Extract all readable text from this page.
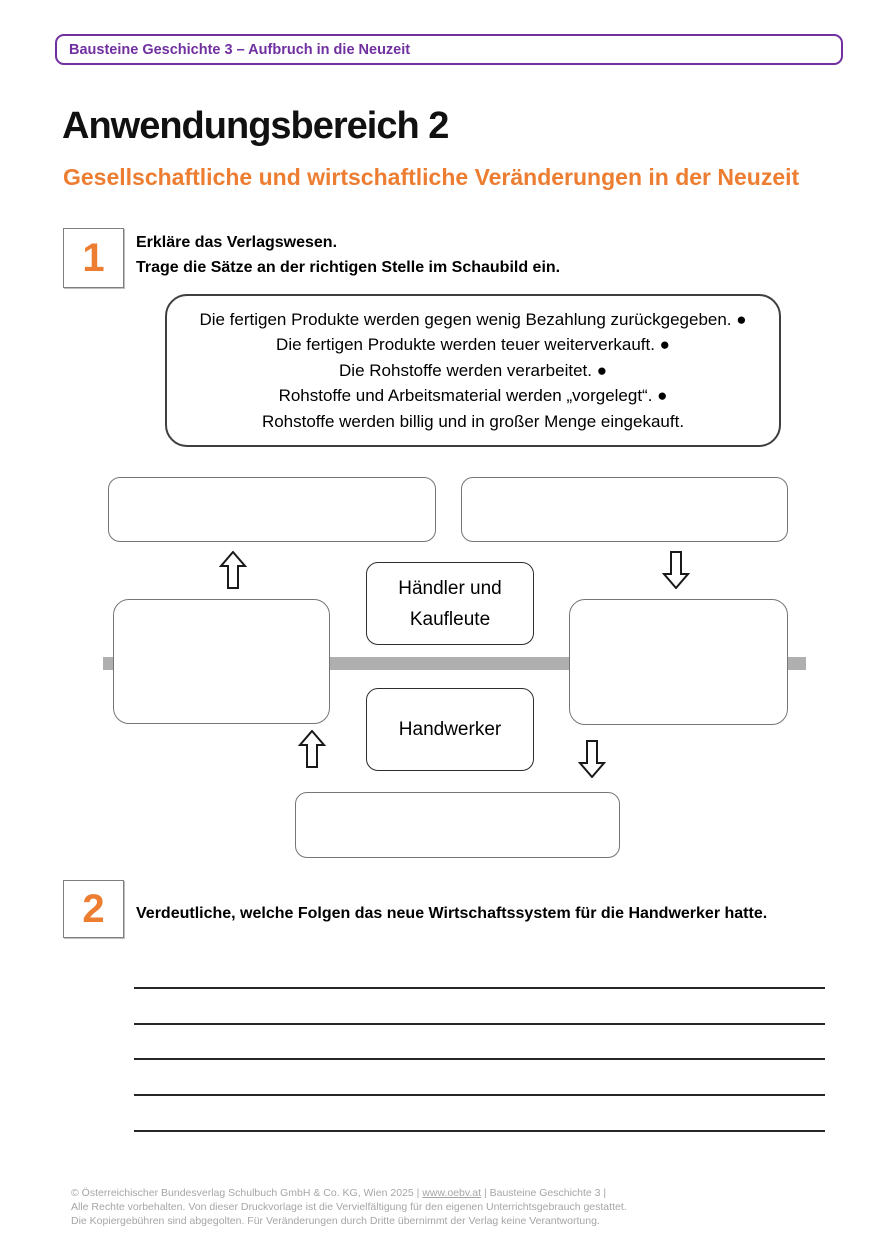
Bausteine Geschichte 3 – Aufbruch in die Neuzeit
Anwendungsbereich 2
Gesellschaftliche und wirtschaftliche Veränderungen in der Neuzeit
1 Erkläre das Verlagswesen.
Trage die Sätze an der richtigen Stelle im Schaubild ein.
Die fertigen Produkte werden gegen wenig Bezahlung zurückgegeben. ●
Die fertigen Produkte werden teuer weiterverkauft. ●
Die Rohstoffe werden verarbeitet. ●
Rohstoffe und Arbeitsmaterial werden „vorgelegt“. ●
Rohstoffe werden billig und in großer Menge eingekauft.
Händler und Kaufleute
Handwerker
2 Verdeutliche, welche Folgen das neue Wirtschaftssystem für die Handwerker hatte.
© Österreichischer Bundesverlag Schulbuch GmbH & Co. KG, Wien 2025 | www.oebv.at | Bausteine Geschichte 3 |
Alle Rechte vorbehalten. Von dieser Druckvorlage ist die Vervielfältigung für den eigenen Unterrichtsgebrauch gestattet.
Die Kopiergebühren sind abgegolten. Für Veränderungen durch Dritte übernimmt der Verlag keine Verantwortung.
